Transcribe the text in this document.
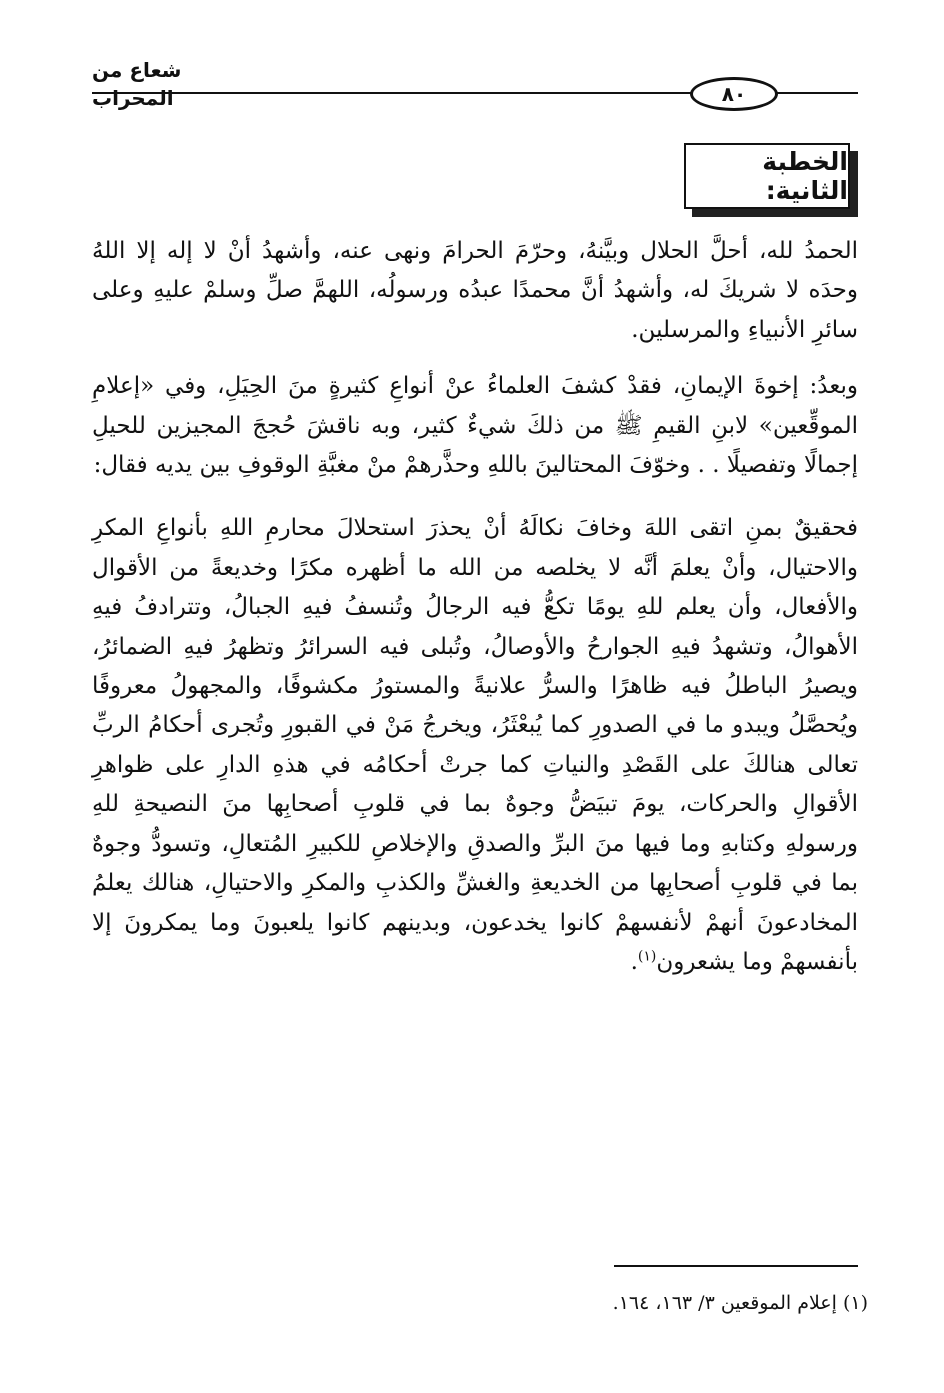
شعاع من المحراب	٨٠
الخطبة الثانية:

الحمدُ لله، أحلَّ الحلال وبيَّنهُ، وحرّمَ الحرامَ ونهى عنه، وأشهدُ أنْ لا إله إلا اللهُ وحدَه لا شريكَ له، وأشهدُ أنَّ محمدًا عبدُه ورسولُه، اللهمَّ صلِّ وسلمْ عليهِ وعلى سائرِ الأنبياءِ والمرسلين.

وبعدُ: إخوةَ الإيمانِ، فقدْ كشفَ العلماءُ عنْ أنواعِ كثيرةٍ منَ الحِيَلِ، وفي «إعلامِ الموقِّعين» لابنِ القيمِ ﷺ من ذلكَ شيءٌ كثير، وبه ناقشَ حُججَ المجيزين للحيلِ إجمالًا وتفصيلًا . . وخوّفَ المحتالينَ باللهِ وحذَّرهمْ منْ مغبَّةِ الوقوفِ بين يديه فقال:

فحقيقٌ بمنِ اتقى اللهَ وخافَ نكالَهُ أنْ يحذرَ استحلالَ محارمِ اللهِ بأنواعِ المكرِ والاحتيال، وأنْ يعلمَ أنَّه لا يخلصه من الله ما أظهره مكرًا وخديعةً من الأقوال والأفعال، وأن يعلم للهِ يومًا تكعُّ فيه الرجالُ وتُنسفُ فيهِ الجبالُ، وتترادفُ فيهِ الأهوالُ، وتشهدُ فيهِ الجوارحُ والأوصالُ، وتُبلى فيه السرائرُ وتظهرُ فيهِ الضمائرُ، ويصيرُ الباطلُ فيه ظاهرًا والسرُّ علانيةً والمستورُ مكشوفًا، والمجهولُ معروفًا ويُحصَّلُ ويبدو ما في الصدورِ كما يُبعْثَرُ، ويخرجُ مَنْ في القبورِ وتُجرى أحكامُ الربِّ تعالى هنالكَ على القَصْدِ والنياتِ كما جرتْ أحكامُه في هذهِ الدارِ على ظواهرِ الأقوالِ والحركات، يومَ تبيَضُّ وجوهٌ بما في قلوبِ أصحابِها منَ النصيحةِ للهِ ورسولهِ وكتابهِ وما فيها منَ البرِّ والصدقِ والإخلاصِ للكبيرِ المُتعالِ، وتسودُّ وجوهٌ بما في قلوبِ أصحابِها من الخديعةِ والغشِّ والكذبِ والمكرِ والاحتيالِ، هنالك يعلمُ المخادعونَ أنهمْ لأنفسهمْ كانوا يخدعون، وبدينهم كانوا يلعبونَ وما يمكرونَ إلا بأنفسهمْ وما يشعرون$^{(١)}$.

(١) إعلام الموقعين ٣/ ١٦٣، ١٦٤.
